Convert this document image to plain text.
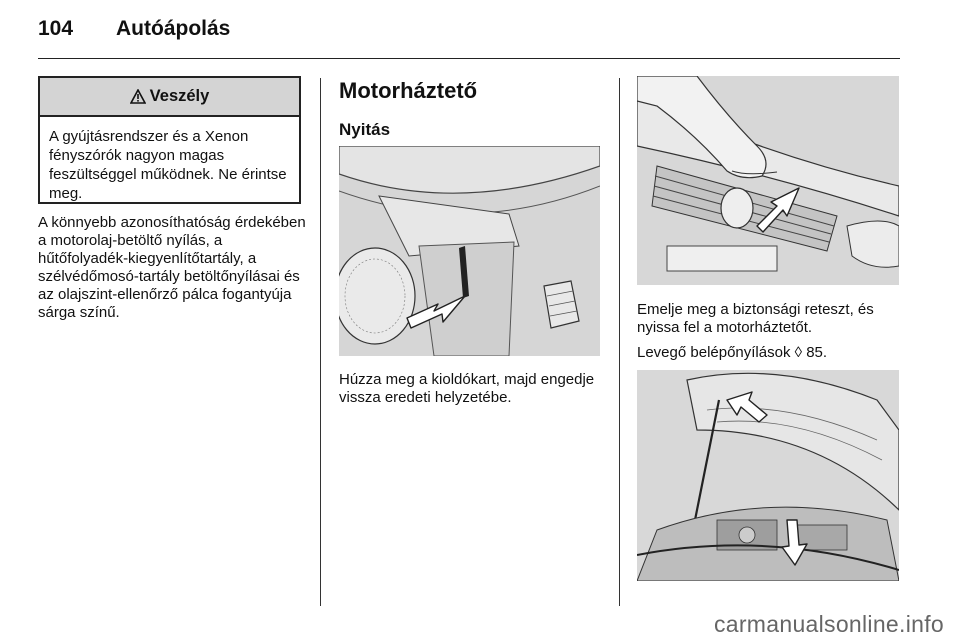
104 Autóápolás
Veszély
A gyújtásrendszer és a Xenon fényszórók nagyon magas feszültséggel működnek. Ne érintse meg.
A könnyebb azonosíthatóság érdekében a motorolaj-betöltő nyílás, a hűtőfolyadék-kiegyenlítőtartály, a szélvédőmosó-tartály betöltőnyílásai és az olajszint-ellenőrző pálca fogantyúja sárga színű.
Motorháztető
Nyitás
Húzza meg a kioldókart, majd engedje vissza eredeti helyzetébe.
Emelje meg a biztonsági reteszt, és nyissa fel a motorháztetőt.
Levegő belépőnyílások ◊ 85.
carmanualsonline.info
